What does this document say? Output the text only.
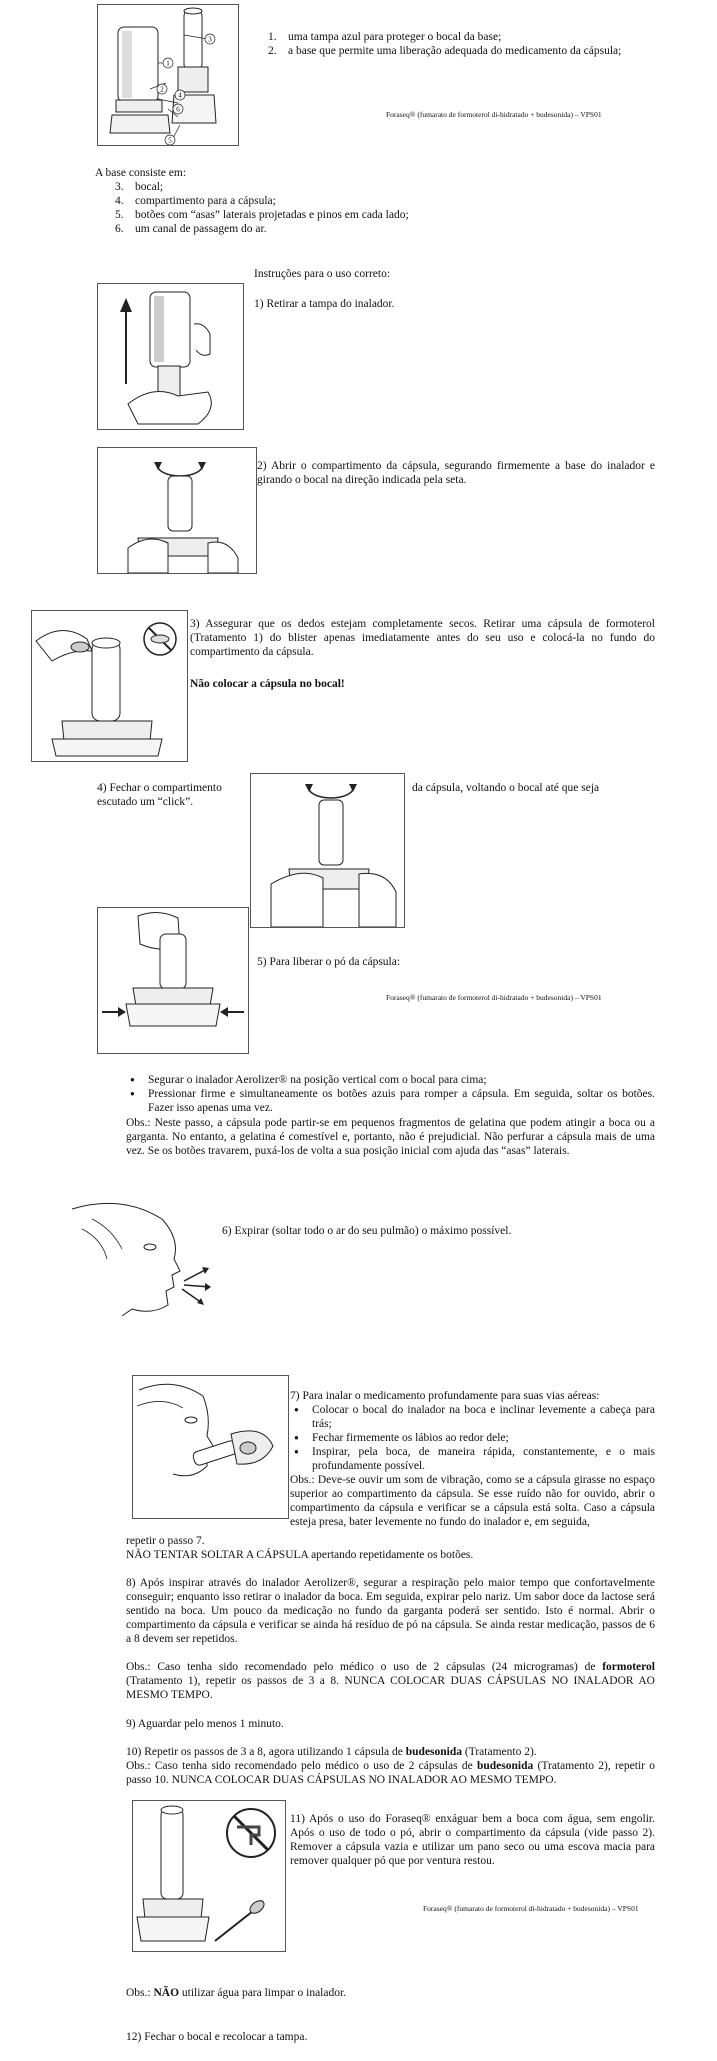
1
2
3
4
5
6
1. uma tampa azul para proteger o bocal da base;
2. a base que permite uma liberação adequada do medicamento da cápsula;
Foraseq® (fumarato de formoterol di-hidratado + budesonida) – VPS01
A base consiste em:
3. bocal;
4. compartimento para a cápsula;
5. botões com “asas” laterais projetadas e pinos em cada lado;
6. um canal de passagem do ar.
Instruções para o uso correto:
1) Retirar a tampa do inalador.
2) Abrir o compartimento da cápsula, segurando firmemente a base do inalador e girando o bocal na direção indicada pela seta.
3) Assegurar que os dedos estejam completamente secos. Retirar uma cápsula de formoterol (Tratamento 1) do blister apenas imediatamente antes do seu uso e colocá-la no fundo do compartimento da cápsula.
Não colocar a cápsula no bocal!
4) Fechar o compartimento	da cápsula, voltando o bocal até que seja
escutado um “click”.
5) Para liberar o pó da cápsula:
Foraseq® (fumarato de formoterol di-hidratado + budesonida) – VPS01
● Segurar o inalador Aerolizer® na posição vertical com o bocal para cima;
● Pressionar firme e simultaneamente os botões azuis para romper a cápsula. Em seguida, soltar os botões. Fazer isso apenas uma vez.
Obs.: Neste passo, a cápsula pode partir-se em pequenos fragmentos de gelatina que podem atingir a boca ou a garganta. No entanto, a gelatina é comestível e, portanto, não é prejudicial. Não perfurar a cápsula mais de uma vez. Se os botões travarem, puxá-los de volta a sua posição inicial com ajuda das “asas” laterais.
6) Expirar (soltar todo o ar do seu pulmão) o máximo possível.
7) Para inalar o medicamento profundamente para suas vias aéreas:
● Colocar o bocal do inalador na boca e inclinar levemente a cabeça para trás;
● Fechar firmemente os lábios ao redor dele;
● Inspirar, pela boca, de maneira rápida, constantemente, e o mais profundamente possível.
Obs.: Deve-se ouvir um som de vibração, como se a cápsula girasse no espaço superior ao compartimento da cápsula. Se esse ruído não for ouvido, abrir o compartimento da cápsula e verificar se a cápsula está solta. Caso a cápsula esteja presa, bater levemente no fundo do inalador e, em seguida,
repetir o passo 7.
NÃO TENTAR SOLTAR A CÁPSULA apertando repetidamente os botões.
8) Após inspirar através do inalador Aerolizer®, segurar a respiração pelo maior tempo que confortavelmente conseguir; enquanto isso retirar o inalador da boca. Em seguida, expirar pelo nariz. Um sabor doce da lactose será sentido na boca. Um pouco da medicação no fundo da garganta poderá ser sentido. Isto é normal. Abrir o compartimento da cápsula e verificar se ainda há resíduo de pó na cápsula. Se ainda restar medicação, passos de 6 a 8 devem ser repetidos.
Obs.: Caso tenha sido recomendado pelo médico o uso de 2 cápsulas (24 microgramas) de formoterol (Tratamento 1), repetir os passos de 3 a 8. NUNCA COLOCAR DUAS CÁPSULAS NO INALADOR AO MESMO TEMPO.
9) Aguardar pelo menos 1 minuto.
10) Repetir os passos de 3 a 8, agora utilizando 1 cápsula de budesonida (Tratamento 2).
Obs.: Caso tenha sido recomendado pelo médico o uso de 2 cápsulas de budesonida (Tratamento 2), repetir o passo 10. NUNCA COLOCAR DUAS CÁPSULAS NO INALADOR AO MESMO TEMPO.
11) Após o uso do Foraseq® enxáguar bem a boca com água, sem engolir. Após o uso de todo o pó, abrir o compartimento da cápsula (vide passo 2). Remover a cápsula vazia e utilizar um pano seco ou uma escova macia para remover qualquer pó que por ventura restou.
Foraseq® (fumarato de formoterol di-hidratado + budesonida) – VPS01
Obs.: NÃO utilizar água para limpar o inalador.
12) Fechar o bocal e recolocar a tampa.
